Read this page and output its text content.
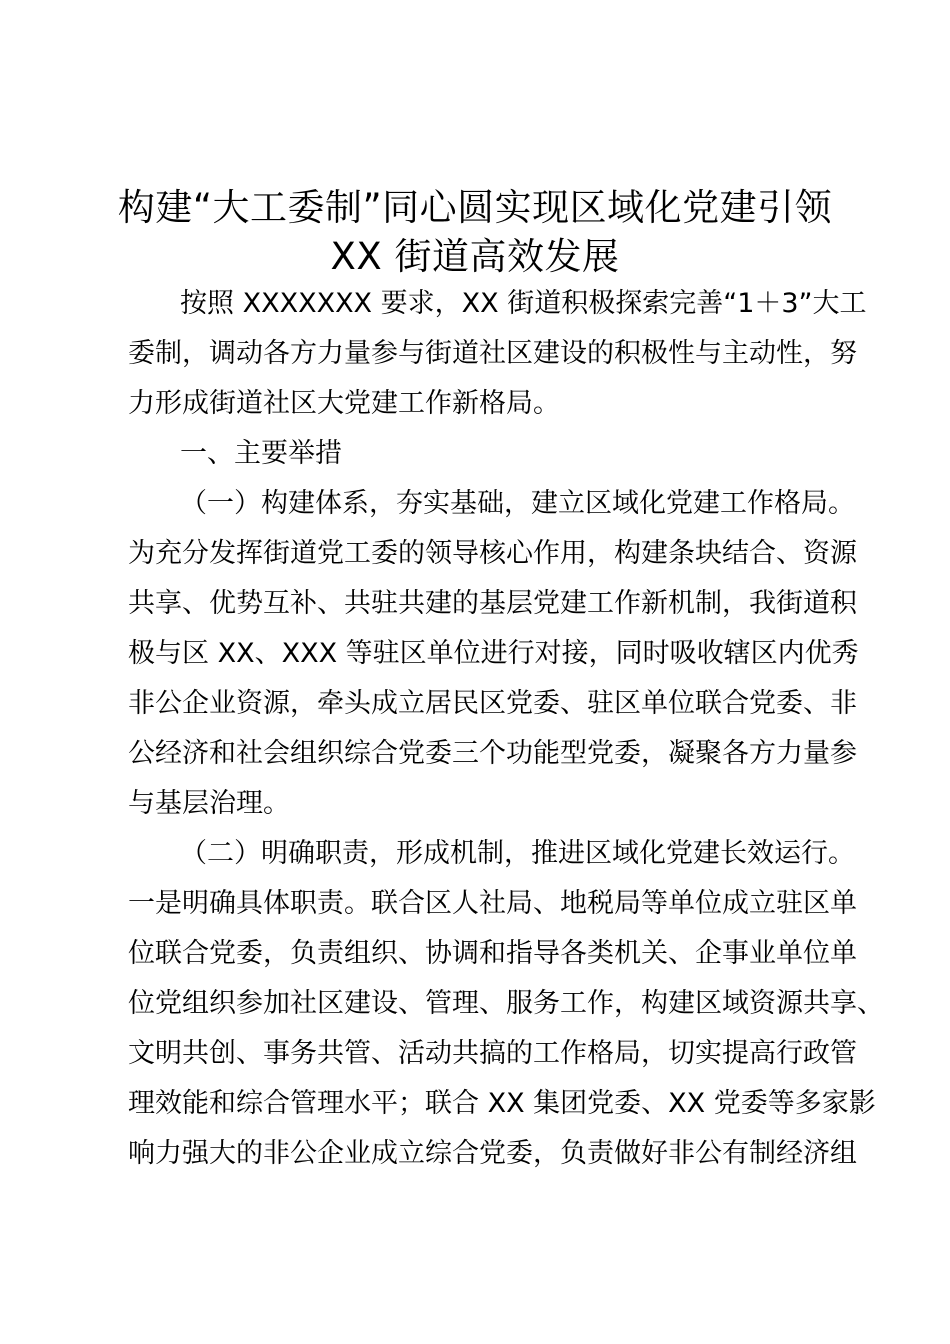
构建“大工委制”同心圆实现区域化党建引领
XX 街道高效发展

按照 XXXXXXX 要求，XX 街道积极探索完善“1＋3”大工

委制，调动各方力量参与街道社区建设的积极性与主动性，努

力形成街道社区大党建工作新格局。

一、主要举措

（一）构建体系，夯实基础，建立区域化党建工作格局。

为充分发挥街道党工委的领导核心作用，构建条块结合、资源

共享、优势互补、共驻共建的基层党建工作新机制，我街道积

极与区 XX、XXX 等驻区单位进行对接，同时吸收辖区内优秀

非公企业资源，牵头成立居民区党委、驻区单位联合党委、非

公经济和社会组织综合党委三个功能型党委，凝聚各方力量参

与基层治理。

（二）明确职责，形成机制，推进区域化党建长效运行。

一是明确具体职责。联合区人社局、地税局等单位成立驻区单

位联合党委，负责组织、协调和指导各类机关、企事业单位单

位党组织参加社区建设、管理、服务工作，构建区域资源共享、

文明共创、事务共管、活动共搞的工作格局，切实提高行政管

理效能和综合管理水平；联合 XX 集团党委、XX 党委等多家影

响力强大的非公企业成立综合党委，负责做好非公有制经济组
